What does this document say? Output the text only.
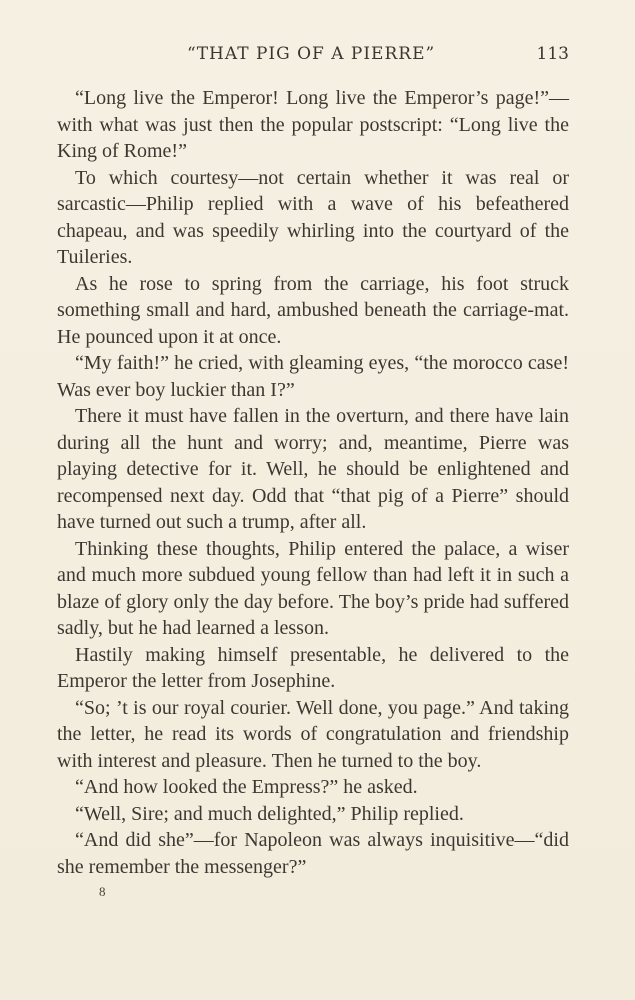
“THAT PIG OF A PIERRE”	113

“Long live the Emperor! Long live the Emperor’s page!”—with what was just then the popular postscript: “Long live the King of Rome!”

To which courtesy—not certain whether it was real or sarcastic—Philip replied with a wave of his befeathered chapeau, and was speedily whirling into the courtyard of the Tuileries.

As he rose to spring from the carriage, his foot struck something small and hard, ambushed beneath the carriage-mat. He pounced upon it at once.

“My faith!” he cried, with gleaming eyes, “the morocco case! Was ever boy luckier than I?”

There it must have fallen in the overturn, and there have lain during all the hunt and worry; and, meantime, Pierre was playing detective for it. Well, he should be enlightened and recompensed next day. Odd that “that pig of a Pierre” should have turned out such a trump, after all.

Thinking these thoughts, Philip entered the palace, a wiser and much more subdued young fellow than had left it in such a blaze of glory only the day before. The boy’s pride had suffered sadly, but he had learned a lesson.

Hastily making himself presentable, he delivered to the Emperor the letter from Josephine.

“So; ’t is our royal courier. Well done, you page.” And taking the letter, he read its words of congratulation and friendship with interest and pleasure. Then he turned to the boy.

“And how looked the Empress?” he asked.

“Well, Sire; and much delighted,” Philip replied.

“And did she”—for Napoleon was always inquisitive—“did she remember the messenger?”

8
